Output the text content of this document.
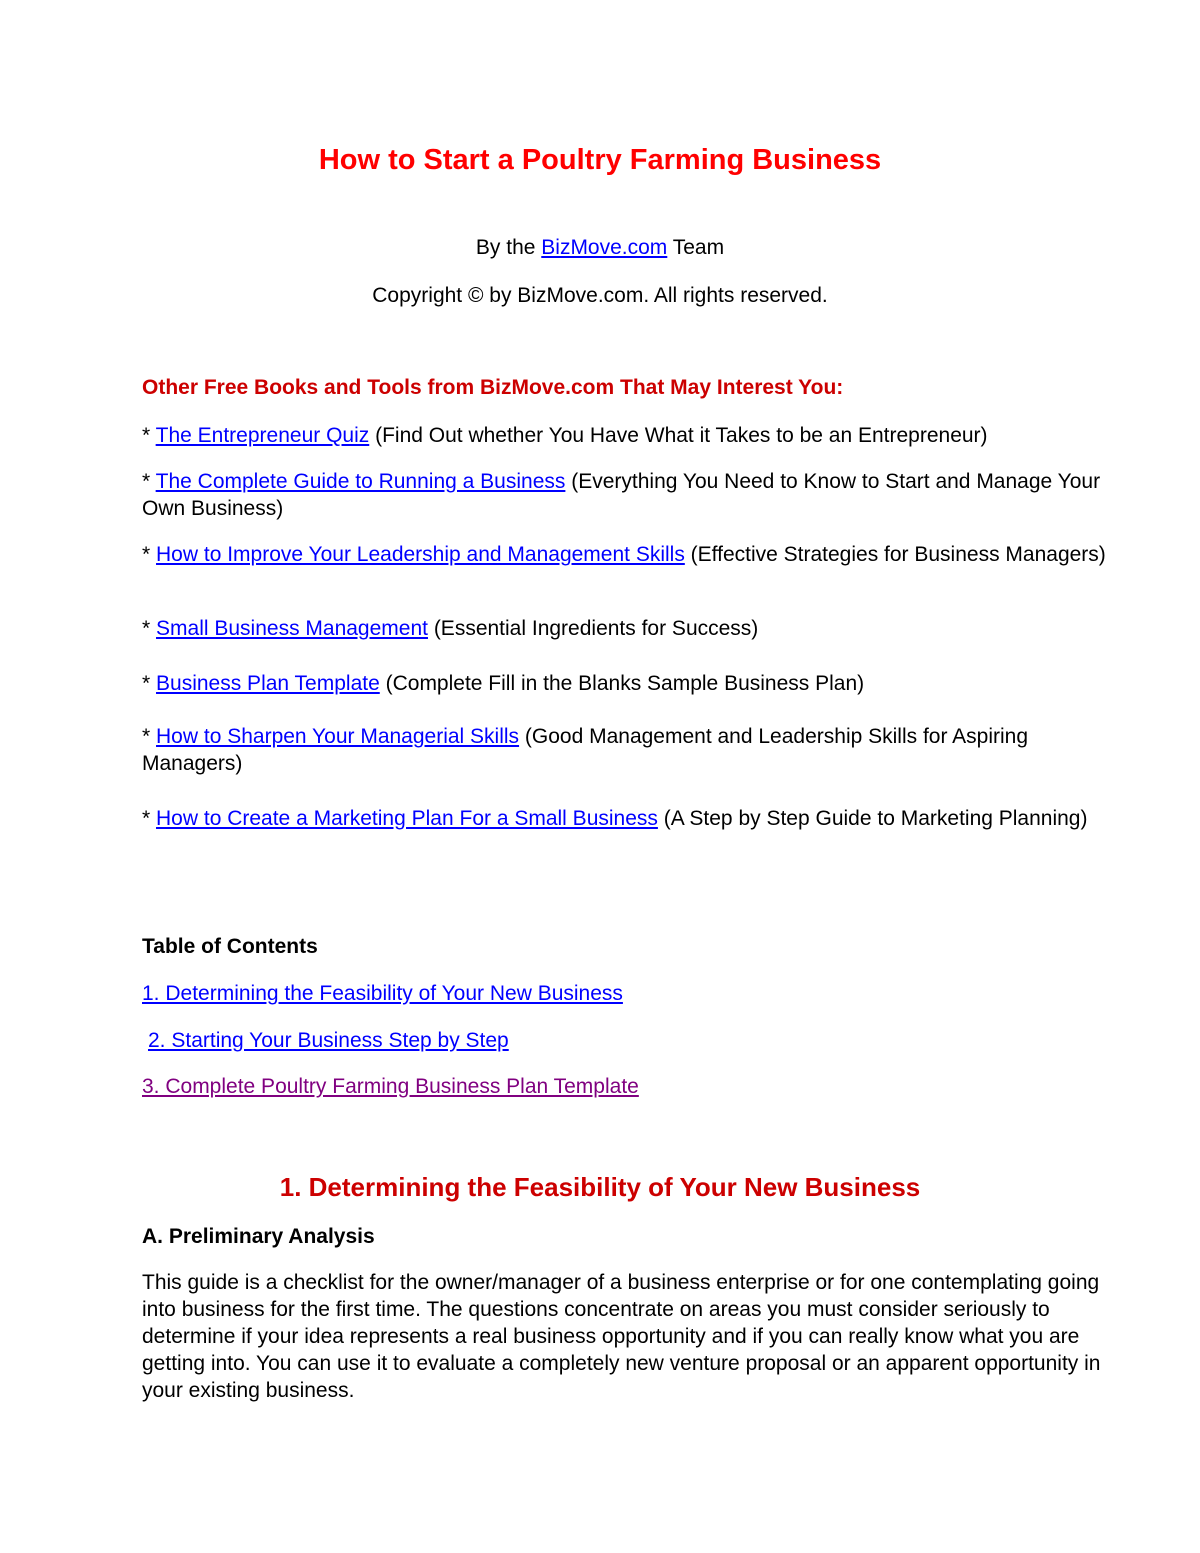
How to Start a Poultry Farming Business

By the BizMove.com Team

Copyright © by BizMove.com. All rights reserved.

Other Free Books and Tools from BizMove.com That May Interest You:

* The Entrepreneur Quiz (Find Out whether You Have What it Takes to be an Entrepreneur)

* The Complete Guide to Running a Business (Everything You Need to Know to Start and Manage Your Own Business)

* How to Improve Your Leadership and Management Skills (Effective Strategies for Business Managers)

* Small Business Management (Essential Ingredients for Success)

* Business Plan Template (Complete Fill in the Blanks Sample Business Plan)

* How to Sharpen Your Managerial Skills (Good Management and Leadership Skills for Aspiring Managers)

* How to Create a Marketing Plan For a Small Business (A Step by Step Guide to Marketing Planning)

Table of Contents

1. Determining the Feasibility of Your New Business
2. Starting Your Business Step by Step
3. Complete Poultry Farming Business Plan Template
1. Determining the Feasibility of Your New Business
A. Preliminary Analysis

This guide is a checklist for the owner/manager of a business enterprise or for one contemplating going into business for the first time. The questions concentrate on areas you must consider seriously to determine if your idea represents a real business opportunity and if you can really know what you are getting into. You can use it to evaluate a completely new venture proposal or an apparent opportunity in your existing business.
